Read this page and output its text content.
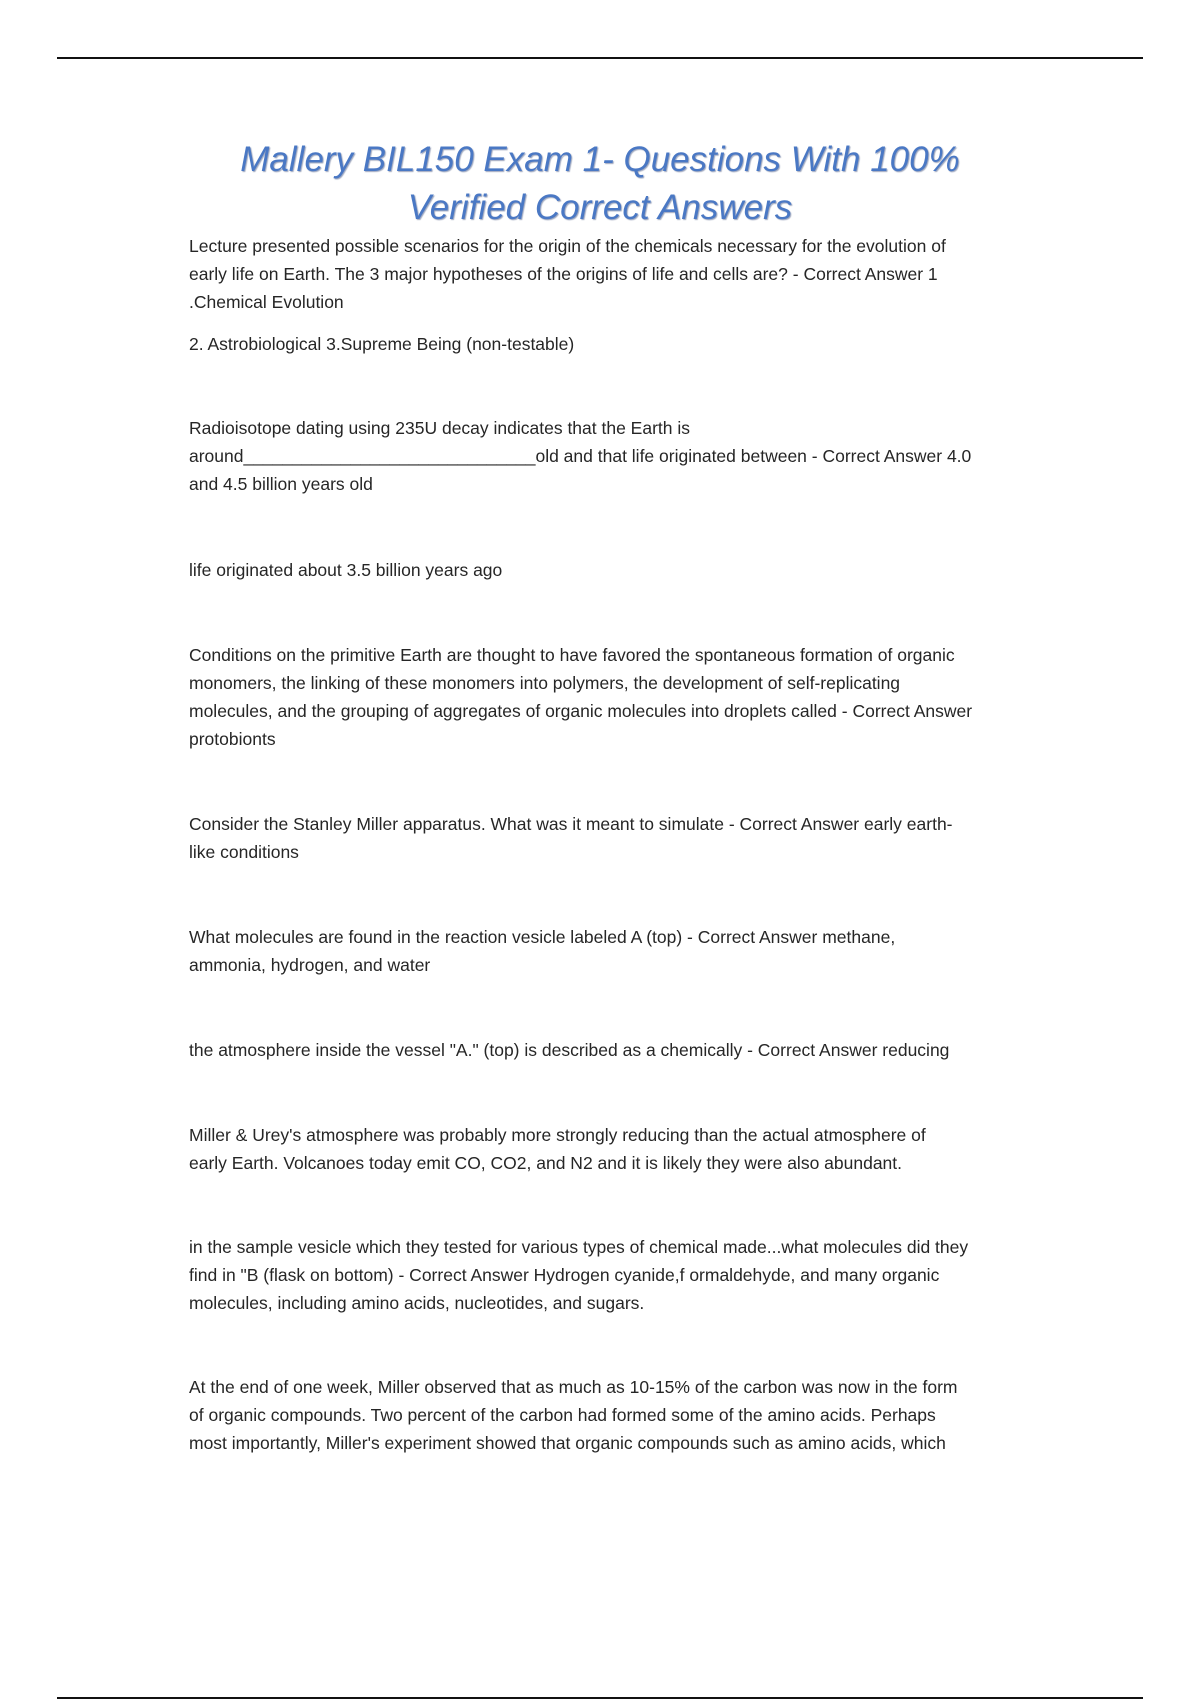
Mallery BIL150 Exam 1- Questions With 100%
Verified Correct Answers
Lecture presented possible scenarios for the origin of the chemicals necessary for the evolution of
early life on Earth. The 3 major hypotheses of the origins of life and cells are? - Correct Answer 1
.Chemical Evolution
2. Astrobiological 3.Supreme Being (non-testable)
Radioisotope dating using 235U decay indicates that the Earth is
around______________________________old and that life originated between - Correct Answer 4.0
and 4.5 billion years old
life originated about 3.5 billion years ago
Conditions on the primitive Earth are thought to have favored the spontaneous formation of organic
monomers, the linking of these monomers into polymers, the development of self-replicating
molecules, and the grouping of aggregates of organic molecules into droplets called - Correct Answer
protobionts
Consider the Stanley Miller apparatus. What was it meant to simulate - Correct Answer early earth-
like conditions
What molecules are found in the reaction vesicle labeled A (top) - Correct Answer methane,
ammonia, hydrogen, and water
the atmosphere inside the vessel "A." (top) is described as a chemically - Correct Answer reducing
Miller & Urey's atmosphere was probably more strongly reducing than the actual atmosphere of
early Earth. Volcanoes today emit CO, CO2, and N2 and it is likely they were also abundant.
in the sample vesicle which they tested for various types of chemical made...what molecules did they
find in "B (flask on bottom) - Correct Answer Hydrogen cyanide,f ormaldehyde, and many organic
molecules, including amino acids, nucleotides, and sugars.
At the end of one week, Miller observed that as much as 10-15% of the carbon was now in the form
of organic compounds. Two percent of the carbon had formed some of the amino acids. Perhaps
most importantly, Miller's experiment showed that organic compounds such as amino acids, which
